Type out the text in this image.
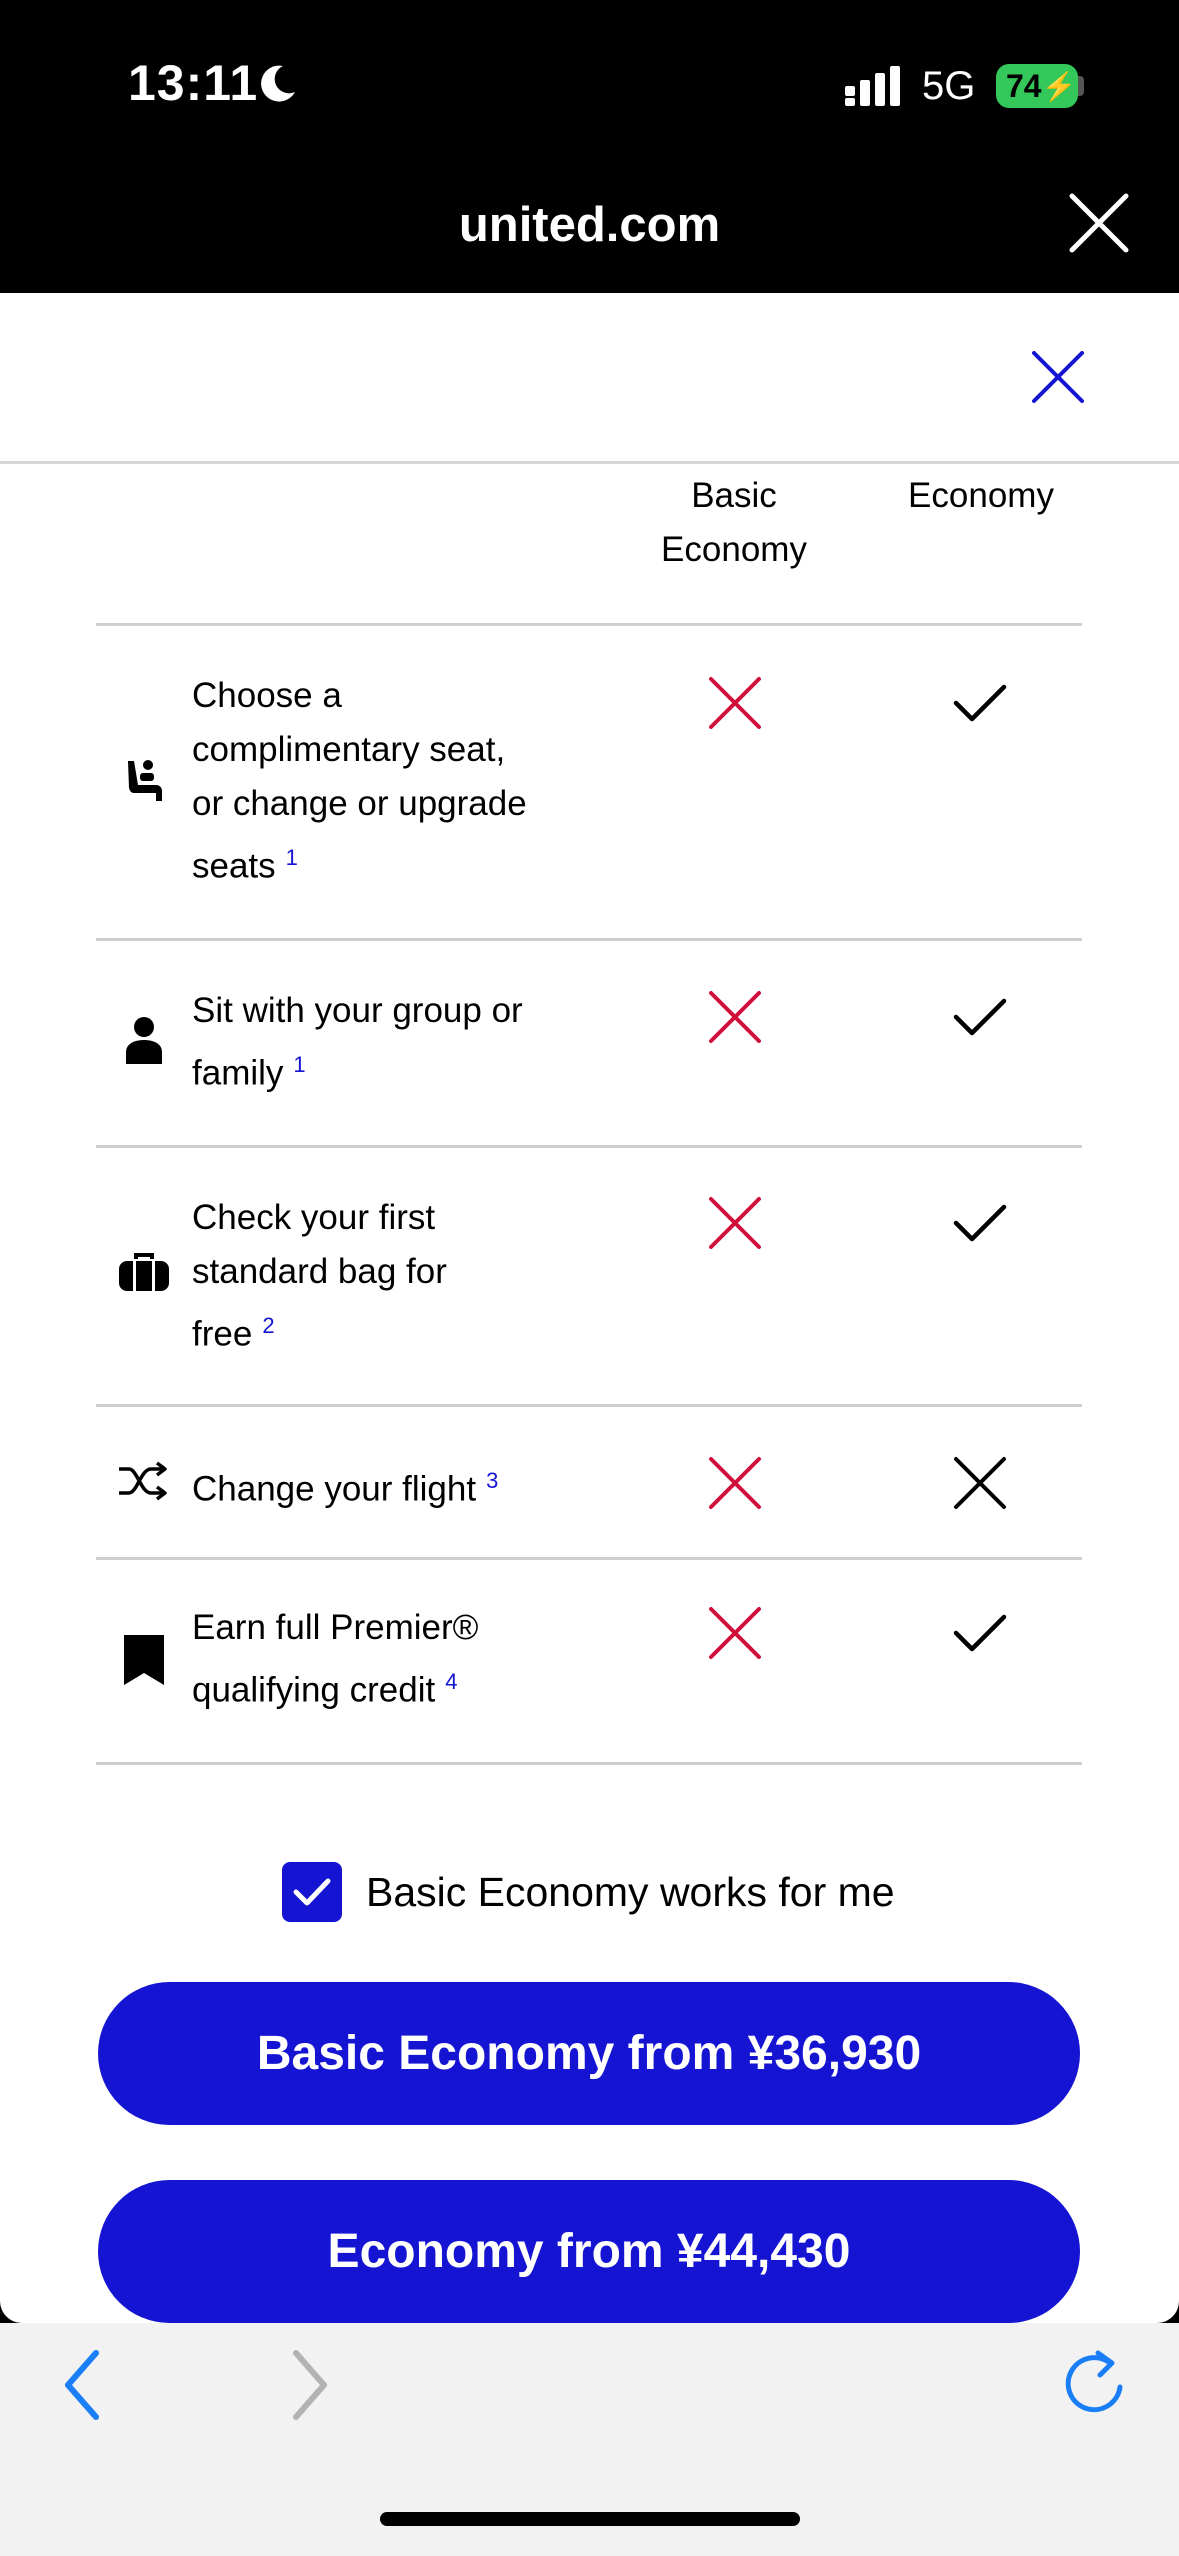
13:11	5G 74 ⚡
united.com
Basic
Economy
Economy
Choose a
complimentary seat,
or change or upgrade
seats $^1$
Sit with your group or
family $^1$
Check your first
standard bag for
free $^2$
Change your flight $^3$
Earn full Premier®
qualifying credit $^4$
Basic Economy works for me
Basic Economy from ¥36,930
Economy from ¥44,430
